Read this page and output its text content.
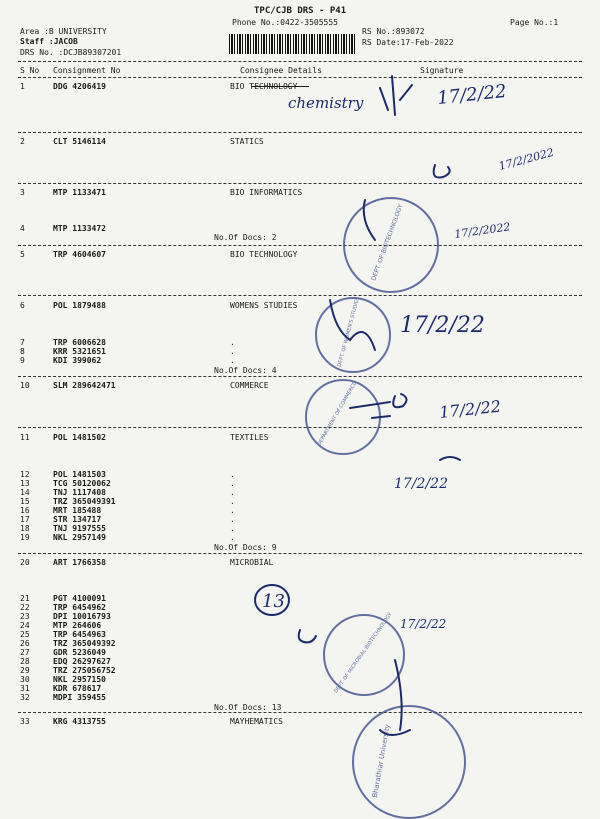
TPC/CJB DRS - P41
Phone No.:0422-3505555
Area :B UNIVERSITY
Staff :JACOB
DRS No. :DCJB89307201
RS No.:893072
RS Date:17-Feb-2022
Page No.:1
S No Consignment No	Consignee Details	Signature
1	DDG 4206419	BIO TECHNOLOGY
2	CLT 5146114	STATICS
3	MTP 1133471	BIO INFORMATICS
4	MTP 1133472
No.Of Docs: 2
5	TRP 4604607	BIO TECHNOLOGY
6	POL 1879488	WOMENS STUDIES
7	TRP 6006628	.
8	KRR 5321651	.
9	KDI 399062	.
No.Of Docs: 4
10	SLM 289642471	COMMERCE
11	POL 1481502	TEXTILES
12	POL 1481503	.
13	TCG 50120062	.
14	TNJ 1117408	.
15	TRZ 365049391	.
16	MRT 185488	.
17	STR 134717	.
18	TNJ 9197555	.
19	NKL 2957149	.
No.Of Docs: 9
20	ART 1766358	MICROBIAL
21	PGT 4100091
22	TRP 6454962
23	DPI 10016793
24	MTP 264606
25	TRP 6454963
26	TRZ 365049392
27	GDR 5236049
28	EDQ 26297627
29	TRZ 275056752
30	NKL 2957150
31	KDR 678617
32	MDPI 359455
No.Of Docs: 13
33	KRG 4313755	MAYHEMATICS
DEPT. OF BIOTECHNOLOGY
DEPT. OF WOMEN'S STUDIES
DEPARTMENT OF COMMERCE
DEPT. OF MICROBIAL BIOTECHNOLOGY
Bharathiar University
chemistry	17/2/22
17/2/2022
17/2/2022
17/2/22
17/2/22
17/2/22
13
17/2/22
